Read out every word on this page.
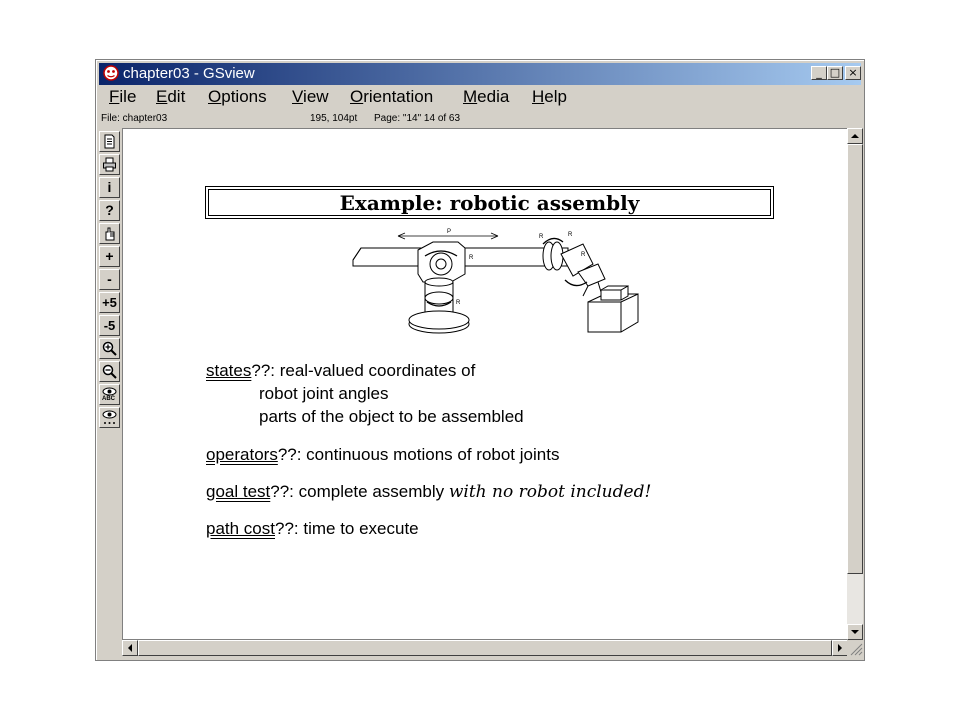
chapter03 - GSview	_ □ ×
File Edit Options View Orientation Media Help
File: chapter03	195, 104pt Page: "14" 14 of 63
i
?
+
-
+5
-5
ABC
Example: robotic assembly
P
R
R
R	R
R
states??: real-valued coordinates of
robot joint angles
parts of the object to be assembled
operators??: continuous motions of robot joints
goal test??: complete assembly with no robot included!
path cost??: time to execute
